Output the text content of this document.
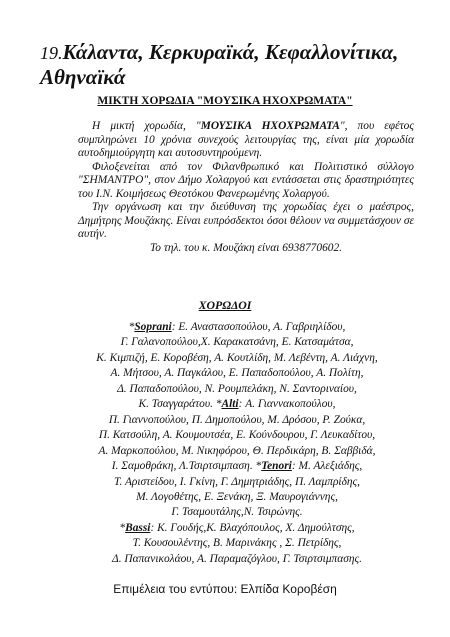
19.Κάλαντα, Κερκυραϊκά, Κεφαλλονίτικα,
Αθηναϊκά
ΜΙΚΤΗ ΧΟΡΩΔΙΑ "ΜΟΥΣΙΚΑ ΗΧΟΧΡΩΜΑΤΑ"

Η μικτή χορωδία, "ΜΟΥΣΙΚΑ ΗΧΟΧΡΩΜΑΤΑ", που εφέτος συμπληρώνει 10 χρόνια συνεχούς λειτουργίας της, είναι μία χορωδία αυτοδημιούργητη και αυτοσυντηρούμενη.

Φιλοξενείται από τον Φιλανθρωπικό και Πολιτιστικό σύλλογο "ΣΗΜΑΝΤΡΟ", στον Δήμο Χολαργού και εντάσσεται στις δραστηριότητες του Ι.Ν. Κοιμήσεως Θεοτόκου Φανερωμένης Χολαργού.

Την οργάνωση και την διεύθυνση της χορωδίας έχει ο μαέστρος, Δημήτρης Μουζάκης. Είναι ευπρόσδεκτοι όσοι θέλουν να συμμετάσχουν σε αυτήν.

Το τηλ. του κ. Μουζάκη είναι 6938770602.

ΧΟΡΩΔΟΙ
*Soprani: Ε. Αναστασοπούλου, Α. Γαβριηλίδου,
Γ. Γαλανοπούλου,Χ. Καρακατσάνη, Ε. Κατσαμάτσα,
Κ. Κιμπιζή, Ε. Κοροβέση, Α. Κουτλίδη, Μ. Λεβέντη, Α. Λιάχνη,
Α. Μήτσου, Α. Παγκάλου, Ε. Παπαδοπούλου, Α. Πολίτη,
Δ. Παπαδοπούλου, Ν. Ρουμπελάκη, Ν. Σαντοριναίου,
Κ. Τσαγγαράτου. *Alti: Α. Γιαννακοπούλου,
Π. Γιαννοπούλου, Π. Δημοπούλου, Μ. Δρόσου, Ρ. Ζούκα,
Π. Κατσούλη, Α. Κουμουτσέα, Ε. Κούνδουρου, Γ. Λευκαδίτου,
Α. Μαρκοπούλου, Μ. Νικηφόρου, Θ. Περδικάρη, Β. Σαββιδά,
Ι. Σαμοθράκη, Λ.Τσιρτσιμπαση. *Tenori: Μ. Αλεξιάδης,
Τ. Αριστείδου, Ι. Γκίνη, Γ. Δημητριάδης, Π. Λαμπρίδης,
Μ. Λογοθέτης, Ε. Ξενάκη, Ξ. Μαυρογιάννης,
Γ. Τσαμουτάλης,Ν. Τσιρώνης.
*Bassi: Κ. Γουδής,Κ. Βλαχόπουλος, Χ. Δημούλτσης,
Τ. Κουσουλέντης, Β. Μαρινάκης , Σ. Πετρίδης,
Δ. Παπανικολάου, Α. Παραμαζόγλου, Γ. Τσιρτσιμπασης.
Επιμέλεια του εντύπου: Ελπίδα Κοροβέση
